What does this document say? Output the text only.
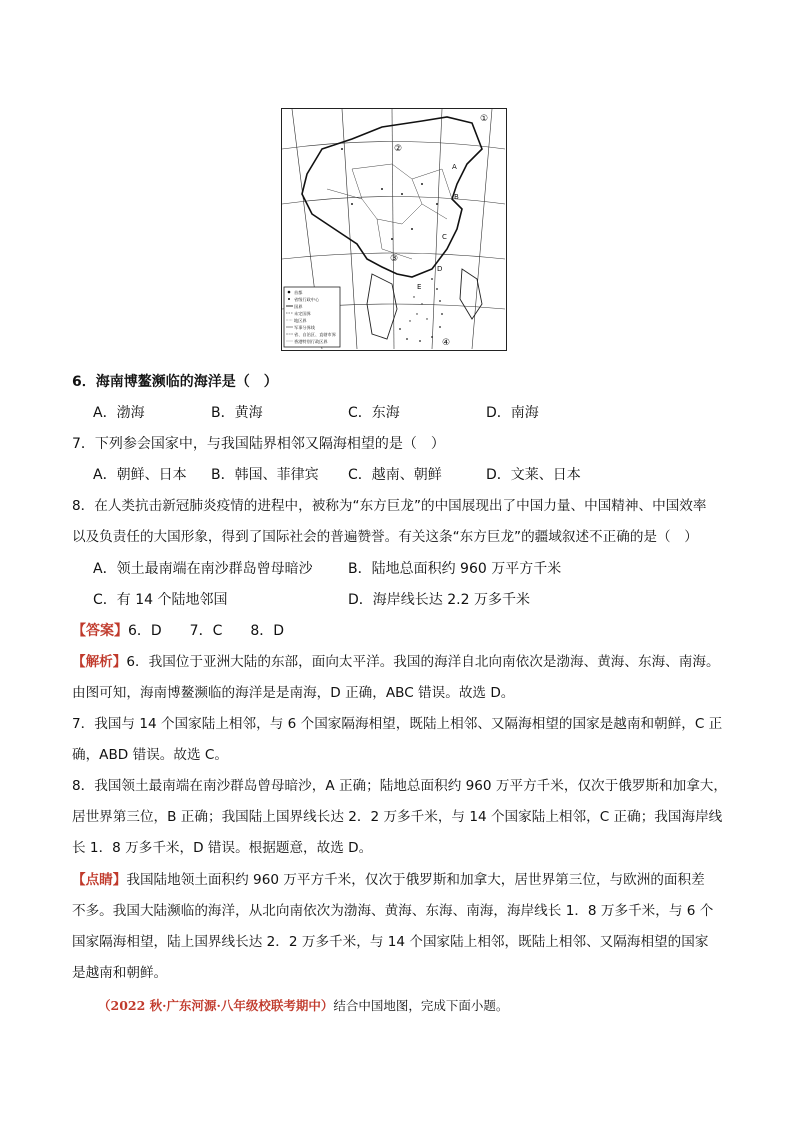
①
②
③
④
A
B
C
D
E
首都
省级行政中心
国界
未定国界
地区界
军事分界线
省、自治区、直辖市界
香港特别行政区界
6．海南博鳌濒临的海洋是（　）
A．渤海	B．黄海	C．东海	D．南海
7．下列参会国家中，与我国陆界相邻又隔海相望的是（　）
A．朝鲜、日本 B．韩国、菲律宾 C．越南、朝鲜	D．文莱、日本
8．在人类抗击新冠肺炎疫情的进程中，被称为“东方巨龙”的中国展现出了中国力量、中国精神、中国效率
以及负责任的大国形象，得到了国际社会的普遍赞誉。有关这条“东方巨龙”的疆域叙述不正确的是（　）
A．领土最南端在南沙群岛曾母暗沙	B．陆地总面积约 960 万平方千米
C．有 14 个陆地邻国	D．海岸线长达 2.2 万多千米
【答案】6．D　　7．C　　8．D
【解析】6．我国位于亚洲大陆的东部，面向太平洋。我国的海洋自北向南依次是渤海、黄海、东海、南海。
由图可知，海南博鳌濒临的海洋是是南海，D 正确，ABC 错误。故选 D。
7．我国与 14 个国家陆上相邻，与 6 个国家隔海相望，既陆上相邻、又隔海相望的国家是越南和朝鲜，C 正
确，ABD 错误。故选 C。
8．我国领土最南端在南沙群岛曾母暗沙，A 正确；陆地总面积约 960 万平方千米，仅次于俄罗斯和加拿大，
居世界第三位，B 正确；我国陆上国界线长达 2．2 万多千米，与 14 个国家陆上相邻，C 正确；我国海岸线
长 1．8 万多千米，D 错误。根据题意，故选 D。
【点睛】我国陆地领土面积约 960 万平方千米，仅次于俄罗斯和加拿大，居世界第三位，与欧洲的面积差
不多。我国大陆濒临的海洋，从北向南依次为渤海、黄海、东海、南海，海岸线长 1．8 万多千米，与 6 个
国家隔海相望，陆上国界线长达 2．2 万多千米，与 14 个国家陆上相邻，既陆上相邻、又隔海相望的国家
是越南和朝鲜。
（2022 秋·广东河源·八年级校联考期中）结合中国地图，完成下面小题。
